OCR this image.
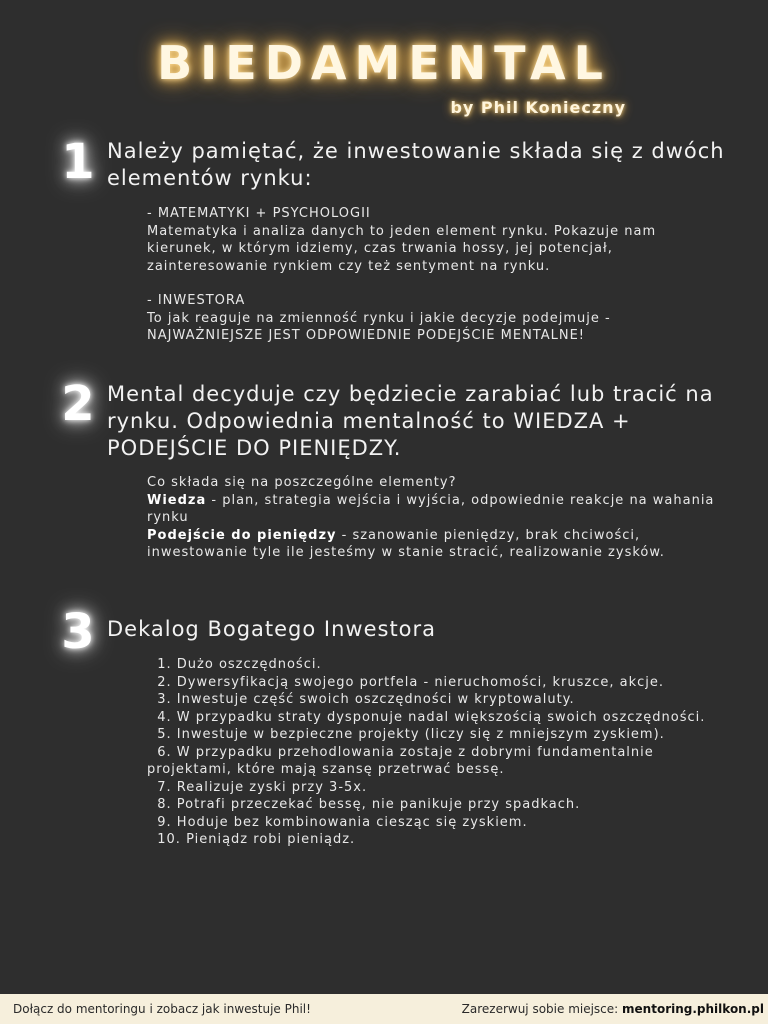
BIEDAMENTAL
by Phil Konieczny
1 Należy pamiętać, że inwestowanie składa się z dwóch elementów rynku:

- MATEMATYKI + PSYCHOLOGII

Matematyka i analiza danych to jeden element rynku. Pokazuje nam kierunek, w którym idziemy, czas trwania hossy, jej potencjał, zainteresowanie rynkiem czy też sentyment na rynku.

- INWESTORA

To jak reaguje na zmienność rynku i jakie decyzje podejmuje - NAJWAŻNIEJSZE JEST ODPOWIEDNIE PODEJŚCIE MENTALNE!

2 Mental decyduje czy będziecie zarabiać lub tracić na rynku. Odpowiednia mentalność to WIEDZA + PODEJŚCIE DO PIENIĘDZY.

Co składa się na poszczególne elementy?

Wiedza - plan, strategia wejścia i wyjścia, odpowiednie reakcje na wahania rynku

Podejście do pieniędzy - szanowanie pieniędzy, brak chciwości, inwestowanie tyle ile jesteśmy w stanie stracić, realizowanie zysków.

3 Dekalog Bogatego Inwestora
1. Dużo oszczędności.
2. Dywersyfikacją swojego portfela - nieruchomości, kruszce, akcje.
3. Inwestuje część swoich oszczędności w kryptowaluty.
4. W przypadku straty dysponuje nadal większością swoich oszczędności.
5. Inwestuje w bezpieczne projekty (liczy się z mniejszym zyskiem).
6. W przypadku przehodlowania zostaje z dobrymi fundamentalnie projektami, które mają szansę przetrwać bessę.
7. Realizuje zyski przy 3-5x.
8. Potrafi przeczekać bessę, nie panikuje przy spadkach.
9. Hoduje bez kombinowania ciesząc się zyskiem.
10. Pieniądz robi pieniądz.
Dołącz do mentoringu i zobacz jak inwestuje Phil!	Zarezerwuj sobie miejsce: mentoring.philkon.pl
